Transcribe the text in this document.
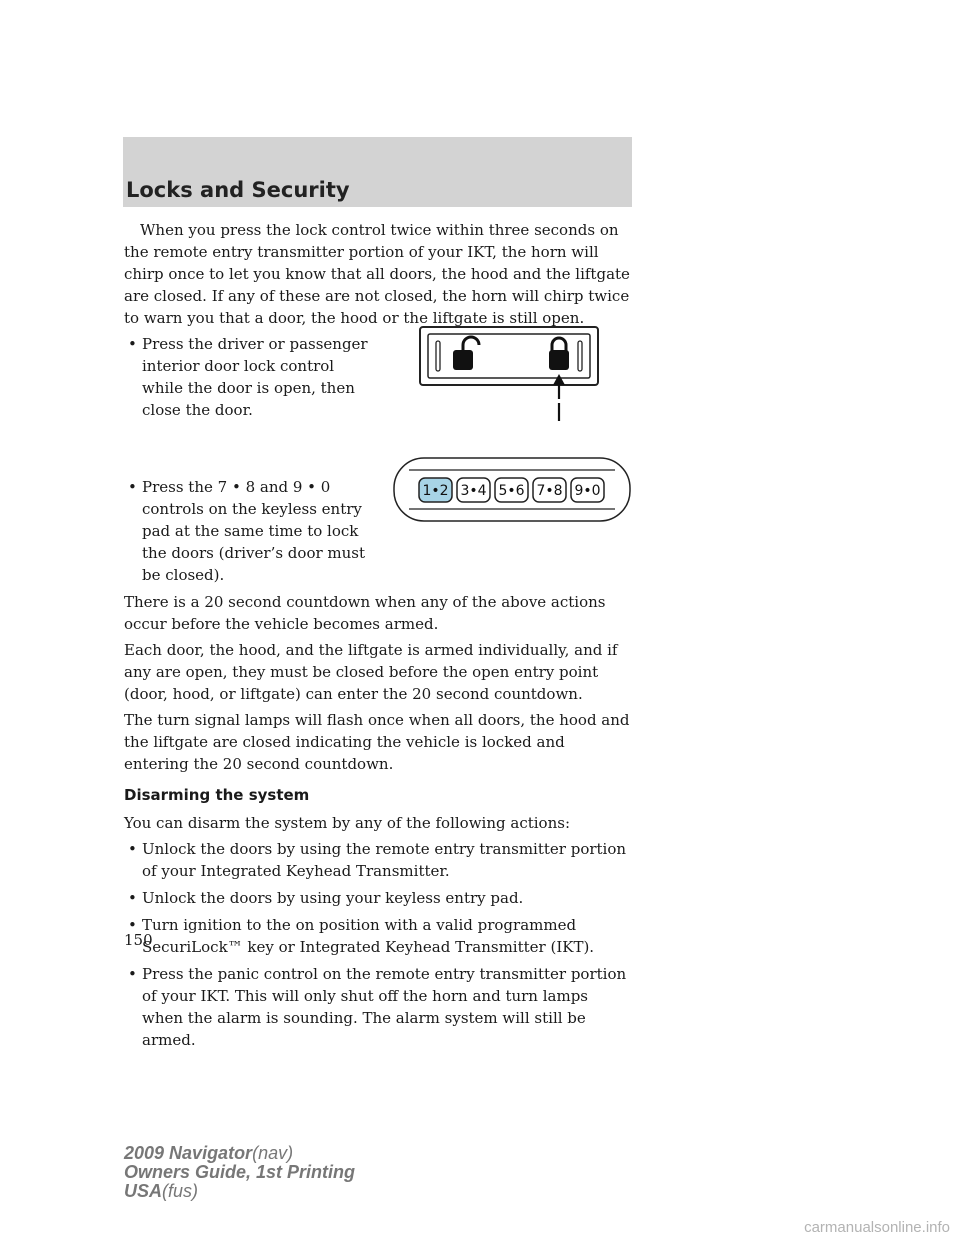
Locks and Security

When you press the lock control twice within three seconds on the remote entry transmitter portion of your IKT, the horn will chirp once to let you know that all doors, the hood and the liftgate are closed. If any of these are not closed, the horn will chirp twice to warn you that a door, the hood or the liftgate is still open.

• Press the driver or passenger interior door lock control while the door is open, then close the door.
• Press the 7 • 8 and 9 • 0 controls on the keyless entry pad at the same time to lock the doors (driver’s door must be closed).

There is a 20 second countdown when any of the above actions occur before the vehicle becomes armed.

Each door, the hood, and the liftgate is armed individually, and if any are open, they must be closed before the open entry point (door, hood, or liftgate) can enter the 20 second countdown.

The turn signal lamps will flash once when all doors, the hood and the liftgate are closed indicating the vehicle is locked and entering the 20 second countdown.

Disarming the system

You can disarm the system by any of the following actions:

• Unlock the doors by using the remote entry transmitter portion of your Integrated Keyhead Transmitter.
• Unlock the doors by using your keyless entry pad.
• Turn ignition to the on position with a valid programmed SecuriLock™ key or Integrated Keyhead Transmitter (IKT).
• Press the panic control on the remote entry transmitter portion of your IKT. This will only shut off the horn and turn lamps when the alarm is sounding. The alarm system will still be armed.
1•2 3•4 5•6 7•8 9•0
150
2009 Navigator(nav)
Owners Guide, 1st Printing
USA(fus)
carmanualsonline.info
